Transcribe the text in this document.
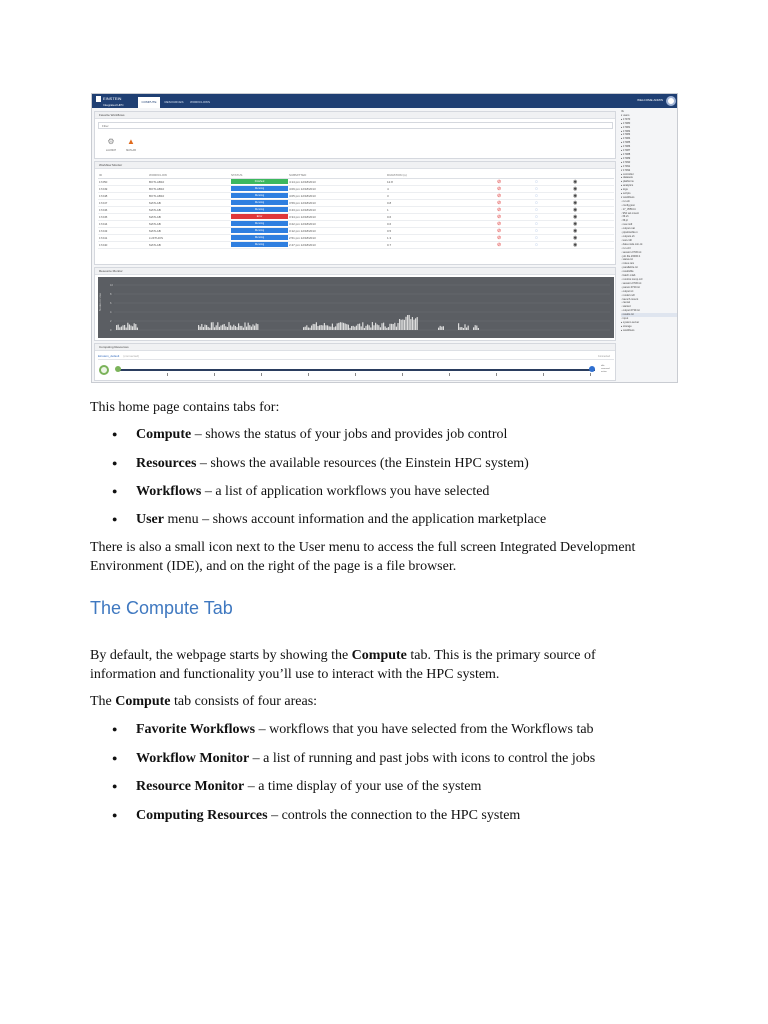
EINSTEIN
Integrated HPC
COMPUTE	RESOURCES	WORKFLOWS	WELCOME ADMIN
Favorite Workflows
Filter
⚙
LAUNCH
▲
MATLAB
Workflow Monitor
ID	WORKFLOW	STATUS	SUBMITTED	DURATION (s)			
17250	BOTLAB10	Finished	4:14 pm 12/18/2013	12.8	⊘	◌	◉
17249	BOTLAB10	Running	4:09 pm 12/18/2013	4	⊘	◌	◉
17248	BOTLAB10	Running	4:05 pm 12/18/2013	3	⊘	◌	◉
17247	MATLAB	Running	3:59 pm 12/18/2013	0.8	⊘	◌	◉
17246	MATLAB	Running	3:43 pm 12/18/2013	1	⊘	◌	◉
17245	MATLAB	Error	3:34 pm 12/18/2013	0.6	⊘	◌	◉
17244	MATLAB	Running	3:22 pm 12/18/2013	0.6	⊘	◌	◉
17243	MATLAB	Running	3:12 pm 12/18/2013	0.5	⊘	◌	◉
17241	LUFTHOS	Running	2:51 pm 12/18/2013	1.3	⊘	◌	◉
17240	MATLAB	Running	2:47 pm 12/18/2013	0.7	⊘	◌	◉
Resource Monitor
Nodes in Use
10
8
6
4
2
0
Computing Resources
Einstein_default (connected)	Connected
idle
reserved
active
/fs
▾ users
▸ 17070
▸ 17080
▸ 17081
▸ 17082
▸ 17083
▸ 17084
▸ 17085
▸ 17086
▸ 17087
▸ 17088
▸ 17089
▸ 17090
▸ 17091
▾ 17092
▸ controller
▸ datasets
▸ platforms
▸ analytics
▸ logs
▸ scripts
▾ workflows
◦ run.sh
◦ config.json
◦ 17_3556.bt
◦ 954 sel.mount
◦ fill.sh
◦ fill.pl
◦ new.mdl
◦ output.mat
◦ pipelinefile.m
◦ outputs.sh
◦ test.crdl
◦ data.node.min.ck
◦ run.ctrl
◦ session.0730.txt
◦ job.file.23000.b
◦ status.txt
◦ notes.ram
◦ parallelize.txt
◦ resultsfile
◦ batch.mlab
◦ monitor.comp.mtl
◦ session.0730.txt
◦ param.0720.txt
◦ output.txt
◦ model.mdl
◦ launch.mount
◦ cancel
◦ started
◦ output.0730.txt
◦ results.txt
◦ input
▸ system.server
▸ storage
▸ workflows
This home page contains tabs for:
● Compute – shows the status of your jobs and provides job control
● Resources – shows the available resources (the Einstein HPC system)
● Workflows – a list of application workflows you have selected
● User menu – shows account information and the application marketplace
There is also a small icon next to the User menu to access the full screen Integrated Development
Environment (IDE), and on the right of the page is a file browser.
The Compute Tab
By default, the webpage starts by showing the Compute tab. This is the primary source of
information and functionality you’ll use to interact with the HPC system.
The Compute tab consists of four areas:
● Favorite Workflows – workflows that you have selected from the Workflows tab
● Workflow Monitor – a list of running and past jobs with icons to control the jobs
● Resource Monitor – a time display of your use of the system
● Computing Resources – controls the connection to the HPC system
